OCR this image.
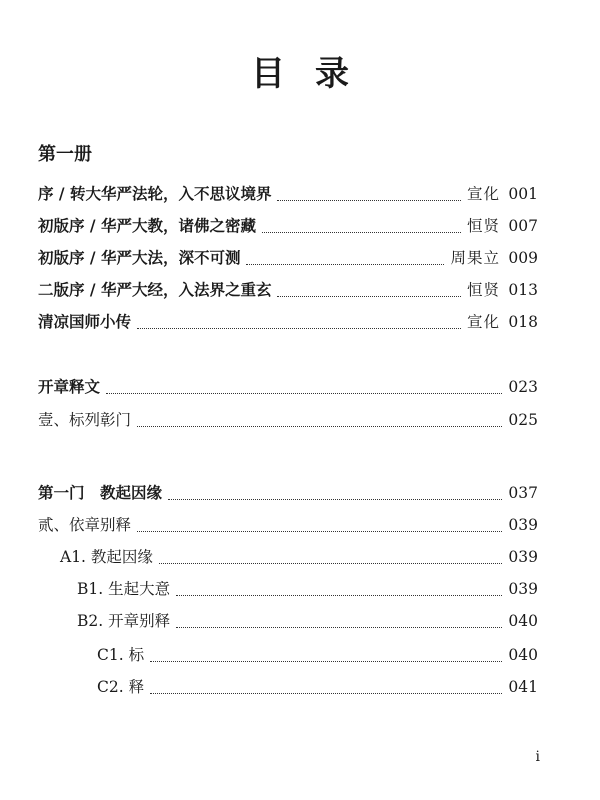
目录
第一册
序 / 转大华严法轮，入不思议境界	宣化 001
初版序 / 华严大教，诸佛之密藏	恒贤 007
初版序 / 华严大法，深不可测	周果立 009
二版序 / 华严大经，入法界之重玄	恒贤 013
清凉国师小传	宣化 018
开章释文	023
壹、标列彰门	025
第一门　教起因缘	037
贰、依章别释	039
A1. 教起因缘	039
B1. 生起大意	039
B2. 开章别释	040
C1. 标	040
C2. 释	041
i
